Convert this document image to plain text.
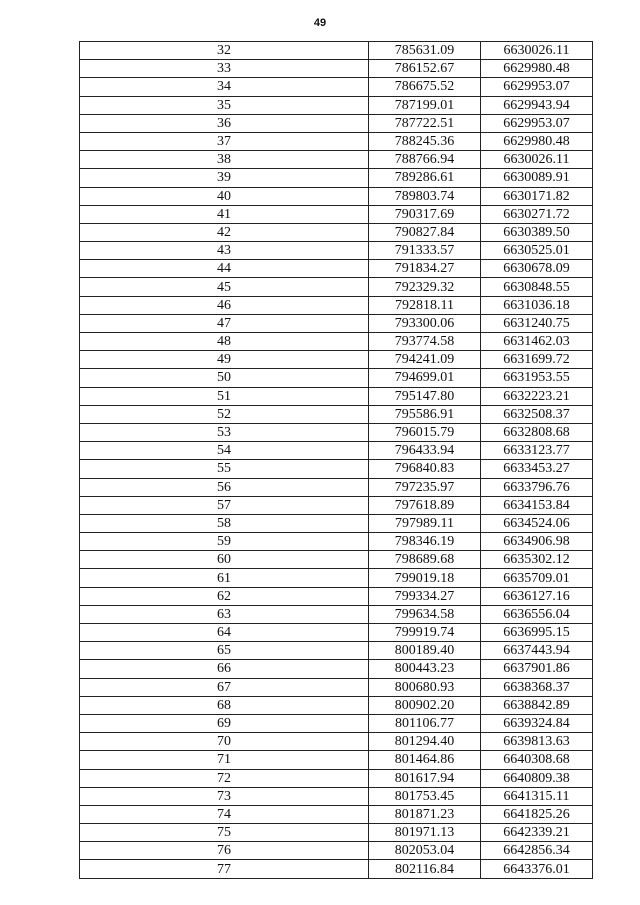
49
32	785631.09	6630026.11
33	786152.67	6629980.48
34	786675.52	6629953.07
35	787199.01	6629943.94
36	787722.51	6629953.07
37	788245.36	6629980.48
38	788766.94	6630026.11
39	789286.61	6630089.91
40	789803.74	6630171.82
41	790317.69	6630271.72
42	790827.84	6630389.50
43	791333.57	6630525.01
44	791834.27	6630678.09
45	792329.32	6630848.55
46	792818.11	6631036.18
47	793300.06	6631240.75
48	793774.58	6631462.03
49	794241.09	6631699.72
50	794699.01	6631953.55
51	795147.80	6632223.21
52	795586.91	6632508.37
53	796015.79	6632808.68
54	796433.94	6633123.77
55	796840.83	6633453.27
56	797235.97	6633796.76
57	797618.89	6634153.84
58	797989.11	6634524.06
59	798346.19	6634906.98
60	798689.68	6635302.12
61	799019.18	6635709.01
62	799334.27	6636127.16
63	799634.58	6636556.04
64	799919.74	6636995.15
65	800189.40	6637443.94
66	800443.23	6637901.86
67	800680.93	6638368.37
68	800902.20	6638842.89
69	801106.77	6639324.84
70	801294.40	6639813.63
71	801464.86	6640308.68
72	801617.94	6640809.38
73	801753.45	6641315.11
74	801871.23	6641825.26
75	801971.13	6642339.21
76	802053.04	6642856.34
77	802116.84	6643376.01
